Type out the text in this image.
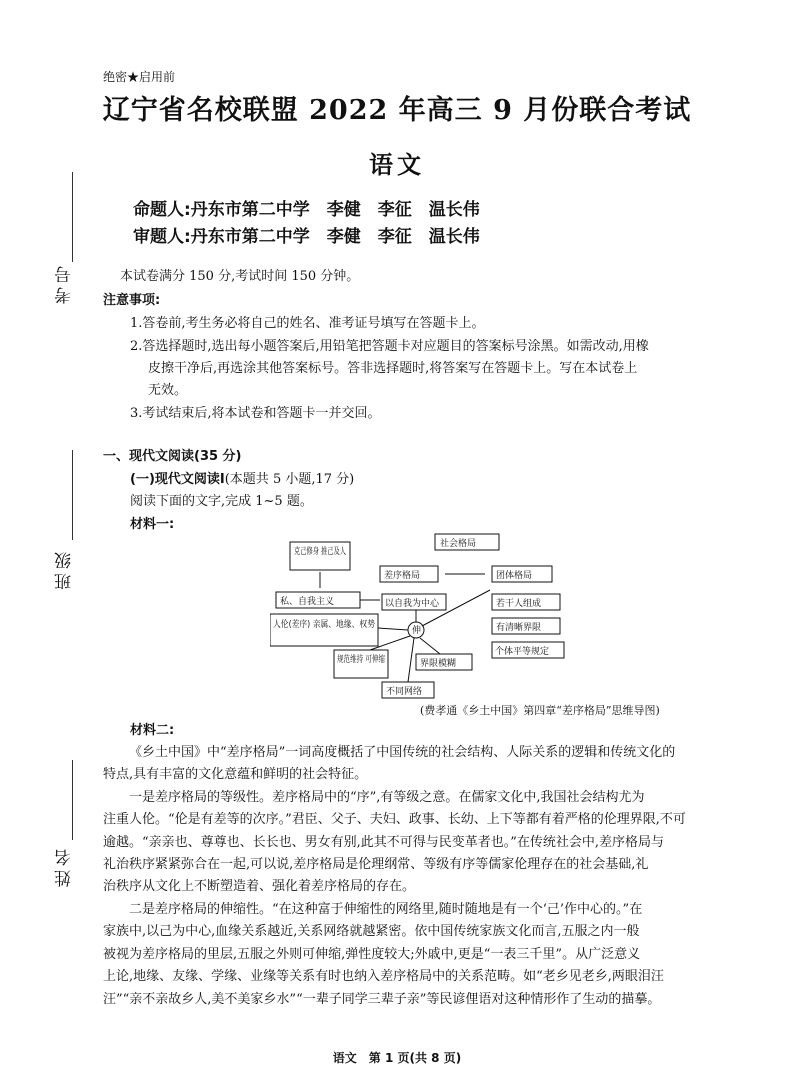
绝密★启用前
辽宁省名校联盟 2022 年高三 9 月份联合考试
语文
命题人:丹东市第二中学　李健　李征　温长伟
审题人:丹东市第二中学　李健　李征　温长伟
考号
班级
姓名
本试卷满分 150 分,考试时间 150 分钟。
注意事项:
1.答卷前,考生务必将自己的姓名、准考证号填写在答题卡上。
2.答选择题时,选出每小题答案后,用铅笔把答题卡对应题目的答案标号涂黑。如需改动,用橡
皮擦干净后,再选涂其他答案标号。答非选择题时,将答案写在答题卡上。写在本试卷上
无效。
3.考试结束后,将本试卷和答题卡一并交回。
一、现代文阅读(35 分)
(一)现代文阅读Ⅰ(本题共 5 小题,17 分)
阅读下面的文字,完成 1~5 题。
材料一:
社会格局
克己修身 推己及人
差序格局	团体格局
私、自我主义	以自我为中心	若干人组成
人伦(差序) 亲属、地缘、权势
伸	有清晰界限
个体平等规定
规范维持 可伸缩 界限模糊
不同网络
(费孝通《乡土中国》第四章“差序格局”思维导图)
材料二:
《乡土中国》中“差序格局”一词高度概括了中国传统的社会结构、人际关系的逻辑和传统文化的
特点,具有丰富的文化意蕴和鲜明的社会特征。
一是差序格局的等级性。差序格局中的“序”,有等级之意。在儒家文化中,我国社会结构尤为
注重人伦。“伦是有差等的次序。”君臣、父子、夫妇、政事、长幼、上下等都有着严格的伦理界限,不可
逾越。“亲亲也、尊尊也、长长也、男女有别,此其不可得与民变革者也。”在传统社会中,差序格局与
礼治秩序紧紧弥合在一起,可以说,差序格局是伦理纲常、等级有序等儒家伦理存在的社会基础,礼
治秩序从文化上不断塑造着、强化着差序格局的存在。
二是差序格局的伸缩性。“在这种富于伸缩性的网络里,随时随地是有一个‘己’作中心的。”在
家族中,以己为中心,血缘关系越近,关系网络就越紧密。依中国传统家族文化而言,五服之内一般
被视为差序格局的里层,五服之外则可伸缩,弹性度较大;外戚中,更是“一表三千里”。从广泛意义
上论,地缘、友缘、学缘、业缘等关系有时也纳入差序格局中的关系范畴。如“老乡见老乡,两眼泪汪
汪”“亲不亲故乡人,美不美家乡水”“一辈子同学三辈子亲”等民谚俚语对这种情形作了生动的描摹。
语文　第 1 页(共 8 页)
